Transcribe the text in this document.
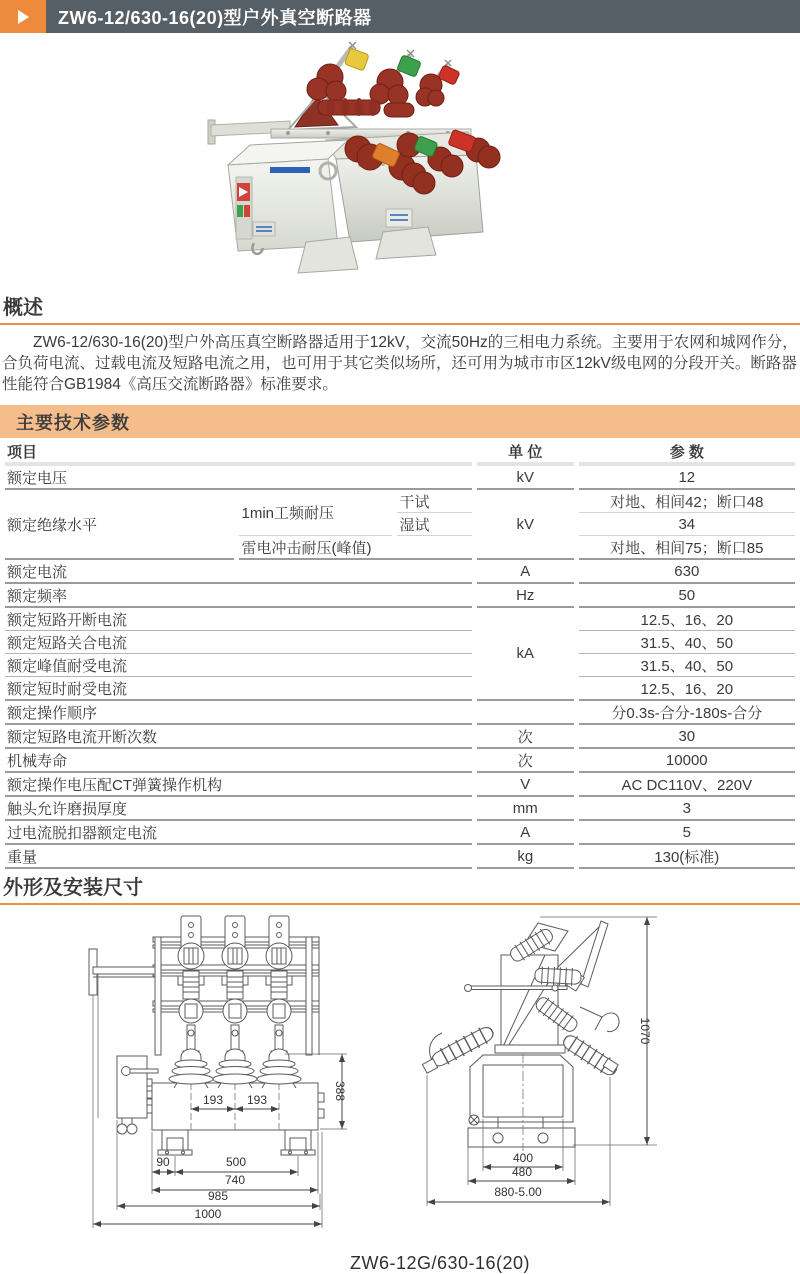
ZW6-12/630-16(20)型户外真空断路器
概述
ZW6-12/630-16(20)型户外高压真空断路器适用于12kV，交流50Hz的三相电力系统。主要用于农网和城网作分，合负荷电流、过载电流及短路电流之用，也可用于其它类似场所，还可用为城市市区12kV级电网的分段开关。断路器性能符合GB1984《高压交流断路器》标准要求。
主要技术参数
项目			单 位	参 数
额定电压			kV	12
额定绝缘水平	1min工频耐压	干试	kV	对地、相间42；断口48
		湿试		34
	雷电冲击耐压(峰值)			对地、相间75；断口85
额定电流			A	630
额定频率			Hz	50
额定短路开断电流			kA	12.5、16、20
额定短路关合电流				31.5、40、50
额定峰值耐受电流				31.5、40、50
额定短时耐受电流				12.5、16、20
额定操作顺序				分0.3s-合分-180s-合分
额定短路电流开断次数			次	30
机械寿命			次	10000
额定操作电压配CT弹簧操作机构			V	AC DC110V、220V
触头允许磨损厚度			mm	3
过电流脱扣器额定电流			A	5
重量			kg	130(标准)
外形及安装尺寸
193 193	388
90	500
740
985
1000
1070
400
480
880-5.00
ZW6-12G/630-16(20)
